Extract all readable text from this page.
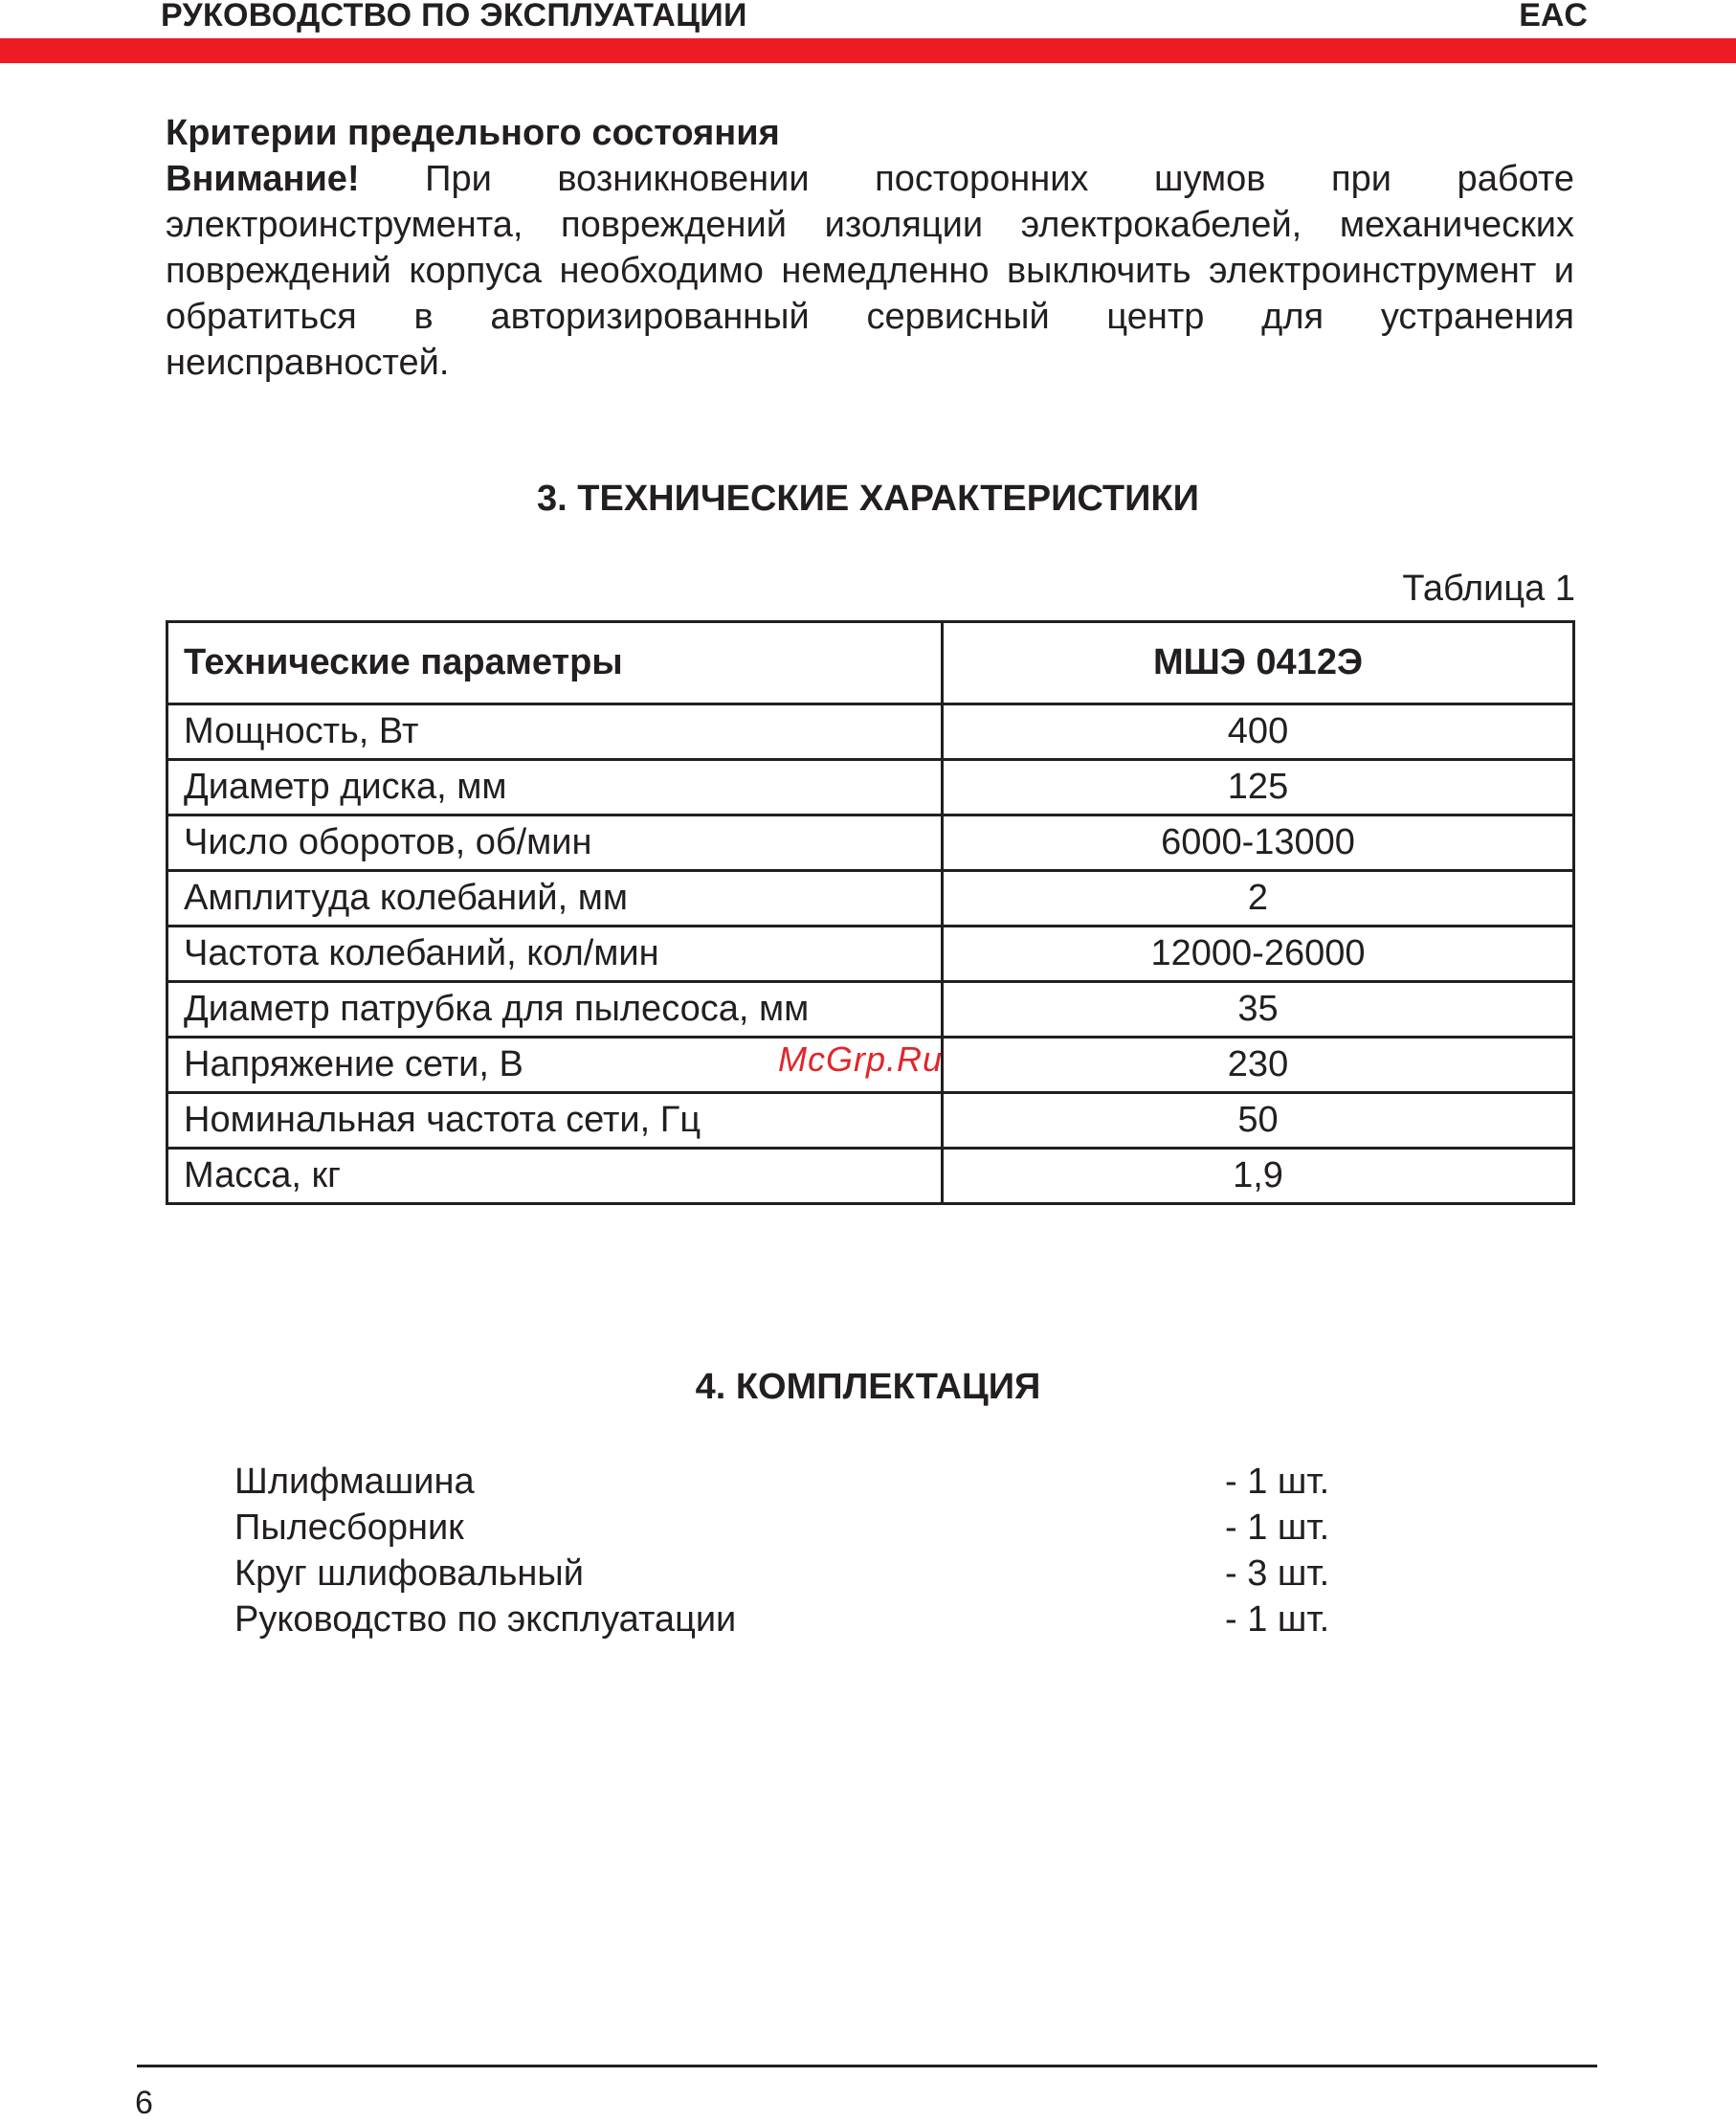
РУКОВОДСТВО ПО ЭКСПЛУАТАЦИИ	EAC
Критерии предельного состояния

Внимание! При возникновении посторонних шумов при работе электроинструмента, повреждений изоляции электрокабелей, механических повреждений корпуса необходимо немедленно выключить электроинструмент и обратиться в авторизированный сервисный центр для устранения неисправностей.

3. ТЕХНИЧЕСКИЕ ХАРАКТЕРИСТИКИ
Таблица 1
Технические параметры	МШЭ 0412Э
Мощность, Вт	400
Диаметр диска, мм	125
Число оборотов, об/мин	6000-13000
Амплитуда колебаний, мм	2
Частота колебаний, кол/мин	12000-26000
Диаметр патрубка для пылесоса, мм	35
Напряжение сети, В	230
Номинальная частота сети, Гц	50
Масса, кг	1,9
McGrp.Ru
4. КОМПЛЕКТАЦИЯ
Шлифмашина	- 1 шт.
Пылесборник	- 1 шт.
Круг шлифовальный	- 3 шт.
Руководство по эксплуатации	- 1 шт.
6
